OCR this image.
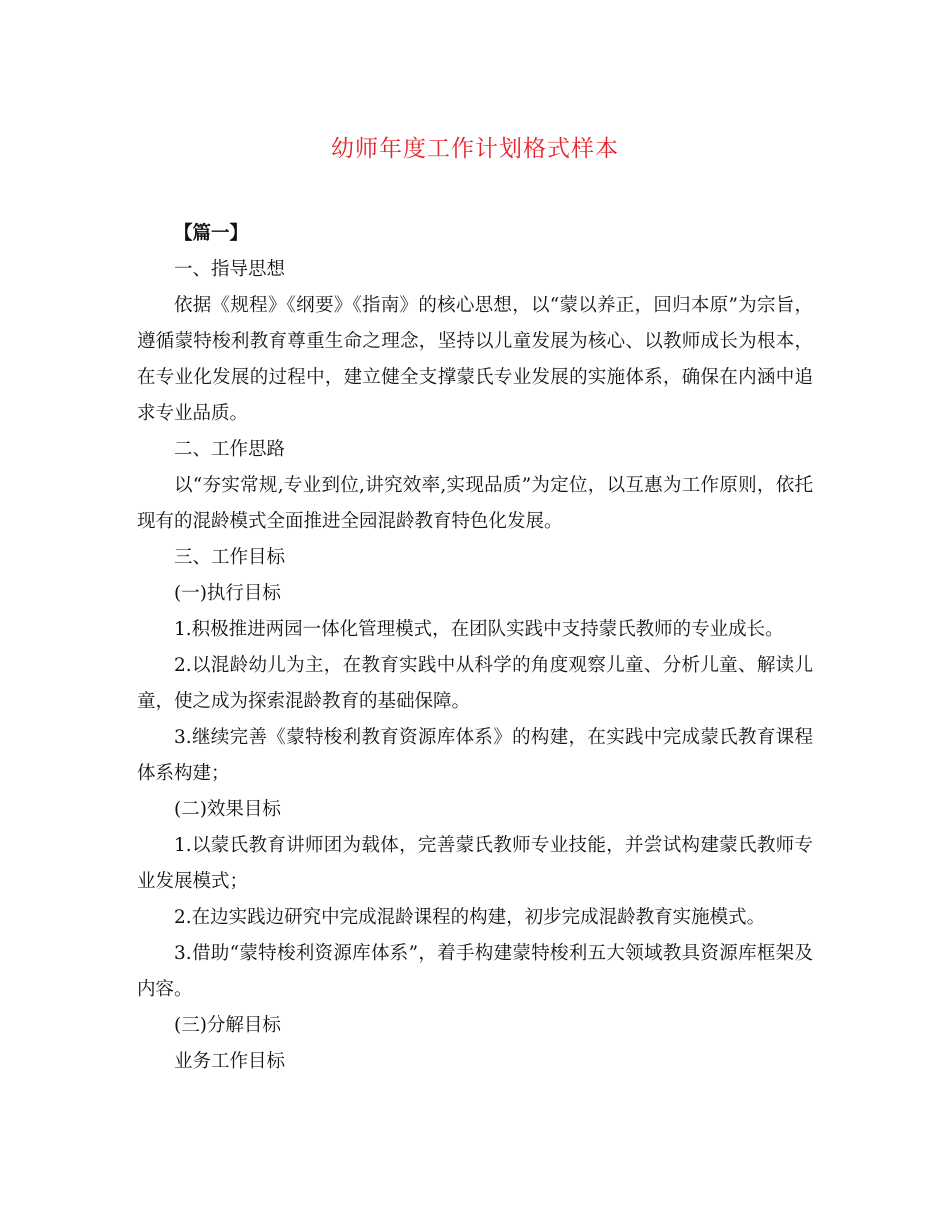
幼师年度工作计划格式样本

【篇一】

一、指导思想

依据《规程》《纲要》《指南》的核心思想，以“蒙以养正，回归本原”为宗旨，遵循蒙特梭利教育尊重生命之理念，坚持以儿童发展为核心、以教师成长为根本，在专业化发展的过程中，建立健全支撑蒙氏专业发展的实施体系，确保在内涵中追求专业品质。

二、工作思路

以“夯实常规,专业到位,讲究效率,实现品质”为定位，以互惠为工作原则，依托现有的混龄模式全面推进全园混龄教育特色化发展。

三、工作目标

(一)执行目标

1.积极推进两园一体化管理模式，在团队实践中支持蒙氏教师的专业成长。

2.以混龄幼儿为主，在教育实践中从科学的角度观察儿童、分析儿童、解读儿童，使之成为探索混龄教育的基础保障。

3.继续完善《蒙特梭利教育资源库体系》的构建，在实践中完成蒙氏教育课程体系构建；

(二)效果目标

1.以蒙氏教育讲师团为载体，完善蒙氏教师专业技能，并尝试构建蒙氏教师专业发展模式；

2.在边实践边研究中完成混龄课程的构建，初步完成混龄教育实施模式。

3.借助“蒙特梭利资源库体系”，着手构建蒙特梭利五大领域教具资源库框架及内容。

(三)分解目标

业务工作目标
